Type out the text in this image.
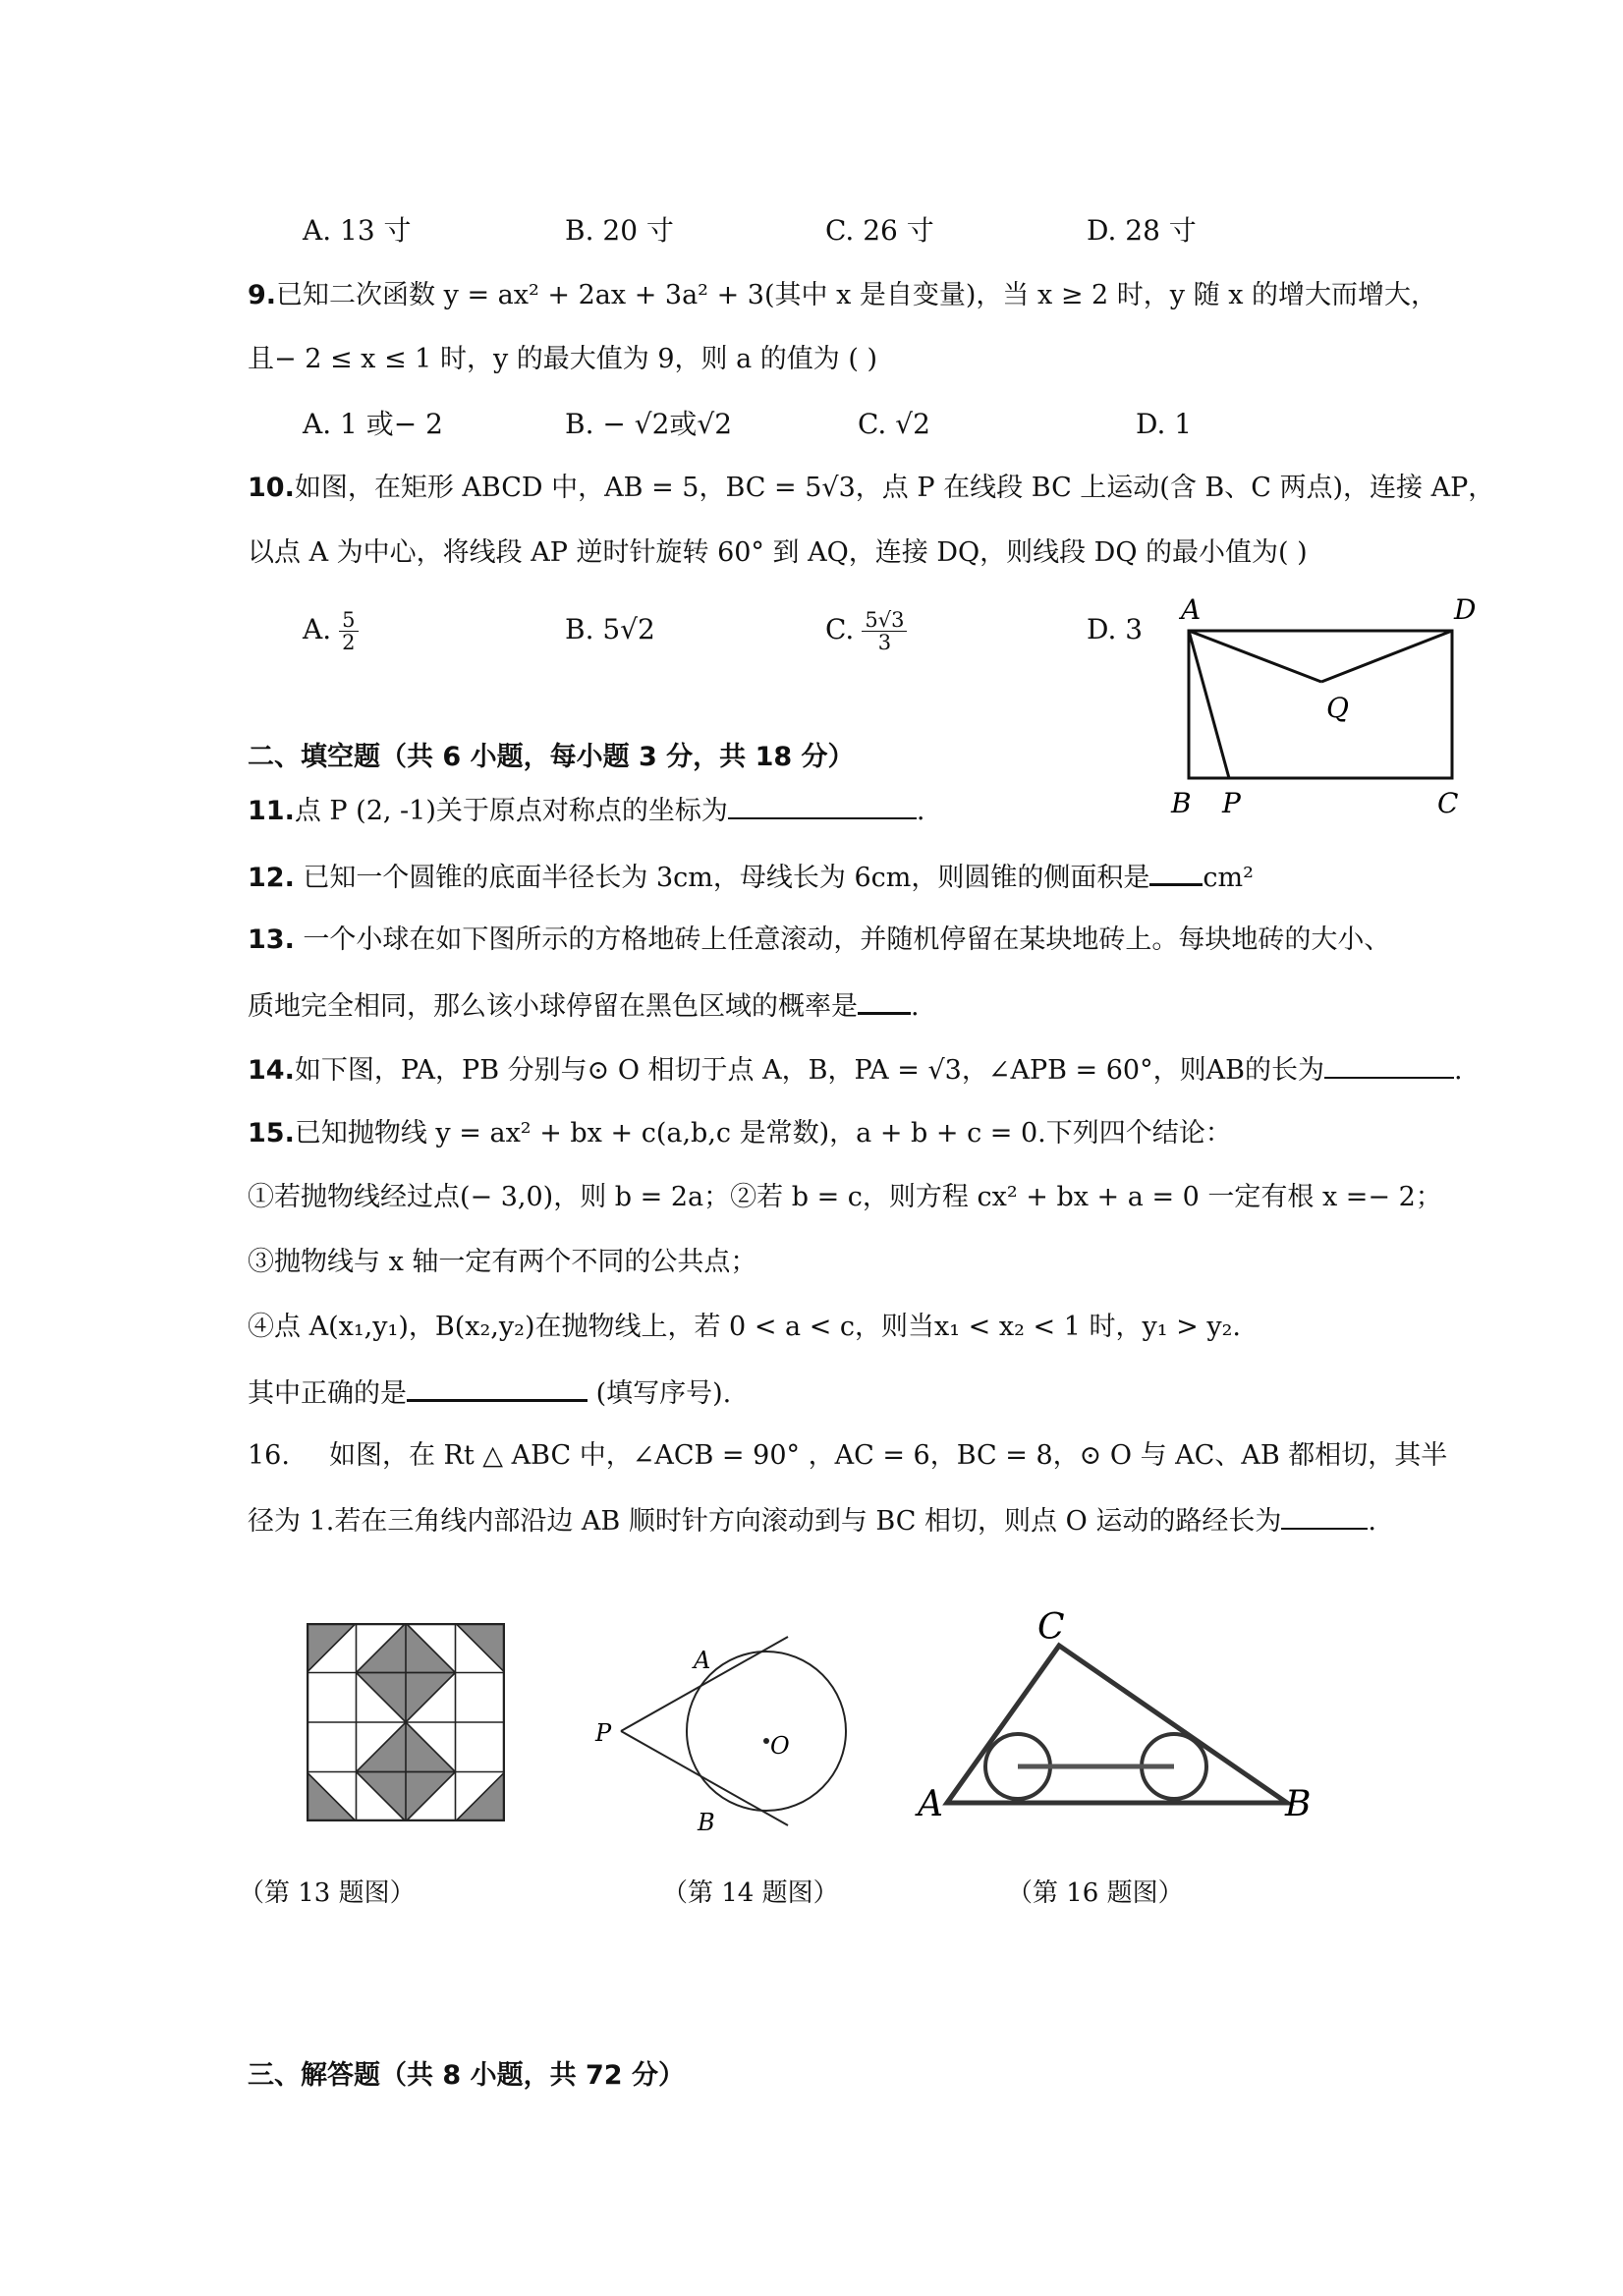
A. 13 寸	B. 20 寸	C. 26 寸	D. 28 寸
9.已知二次函数 y = ax² + 2ax + 3a² + 3(其中 x 是自变量)，当 x ≥ 2 时，y 随 x 的增大而增大，
且− 2 ≤ x ≤ 1 时，y 的最大值为 9，则 a 的值为 ( )
A. 1 或− 2	B. − √2或√2	C. √2	D. 1
10.如图，在矩形 ABCD 中，AB = 5，BC = 5√3，点 P 在线段 BC 上运动(含 B、C 两点)，连接 AP，
以点 A 为中心，将线段 AP 逆时针旋转 60° 到 AQ，连接 DQ，则线段 DQ 的最小值为( )
A. $\frac{5}{2}$	B. 5√2	C. $\frac{5√3}{3}$	D. 3
A	D
Q
B P	C
二、填空题（共 6 小题，每小题 3 分，共 18 分）
11.点 P (2, -1)关于原点对称点的坐标为	.
12. 已知一个圆锥的底面半径长为 3cm，母线长为 6cm，则圆锥的侧面积是 cm²
13. 一个小球在如下图所示的方格地砖上任意滚动，并随机停留在某块地砖上。每块地砖的大小、
质地完全相同，那么该小球停留在黑色区域的概率是 .
14.如下图，PA，PB 分别与⊙ O 相切于点 A，B，PA = √3，∠APB = 60°，则AB的长为	.
15.已知抛物线 y = ax² + bx + c(a,b,c 是常数)，a + b + c = 0.下列四个结论：
①若抛物线经过点(− 3,0)，则 b = 2a；②若 b = c，则方程 cx² + bx + a = 0 一定有根 x =− 2；
③抛物线与 x 轴一定有两个不同的公共点；
④点 A(x₁,y₁)，B(x₂,y₂)在抛物线上，若 0 < a < c，则当x₁ < x₂ < 1 时，y₁ > y₂.
其中正确的是	(填写序号).
16. 如图，在 Rt △ ABC 中，∠ACB = 90° ，AC = 6，BC = 8，⊙ O 与 AC、AB 都相切，其半
径为 1.若在三角线内部沿边 AB 顺时针方向滚动到与 BC 相切，则点 O 运动的路经长为	.
A
P	O
B
C
A	B
（第 13 题图）	（第 14 题图）	（第 16 题图）
三、解答题（共 8 小题，共 72 分）
